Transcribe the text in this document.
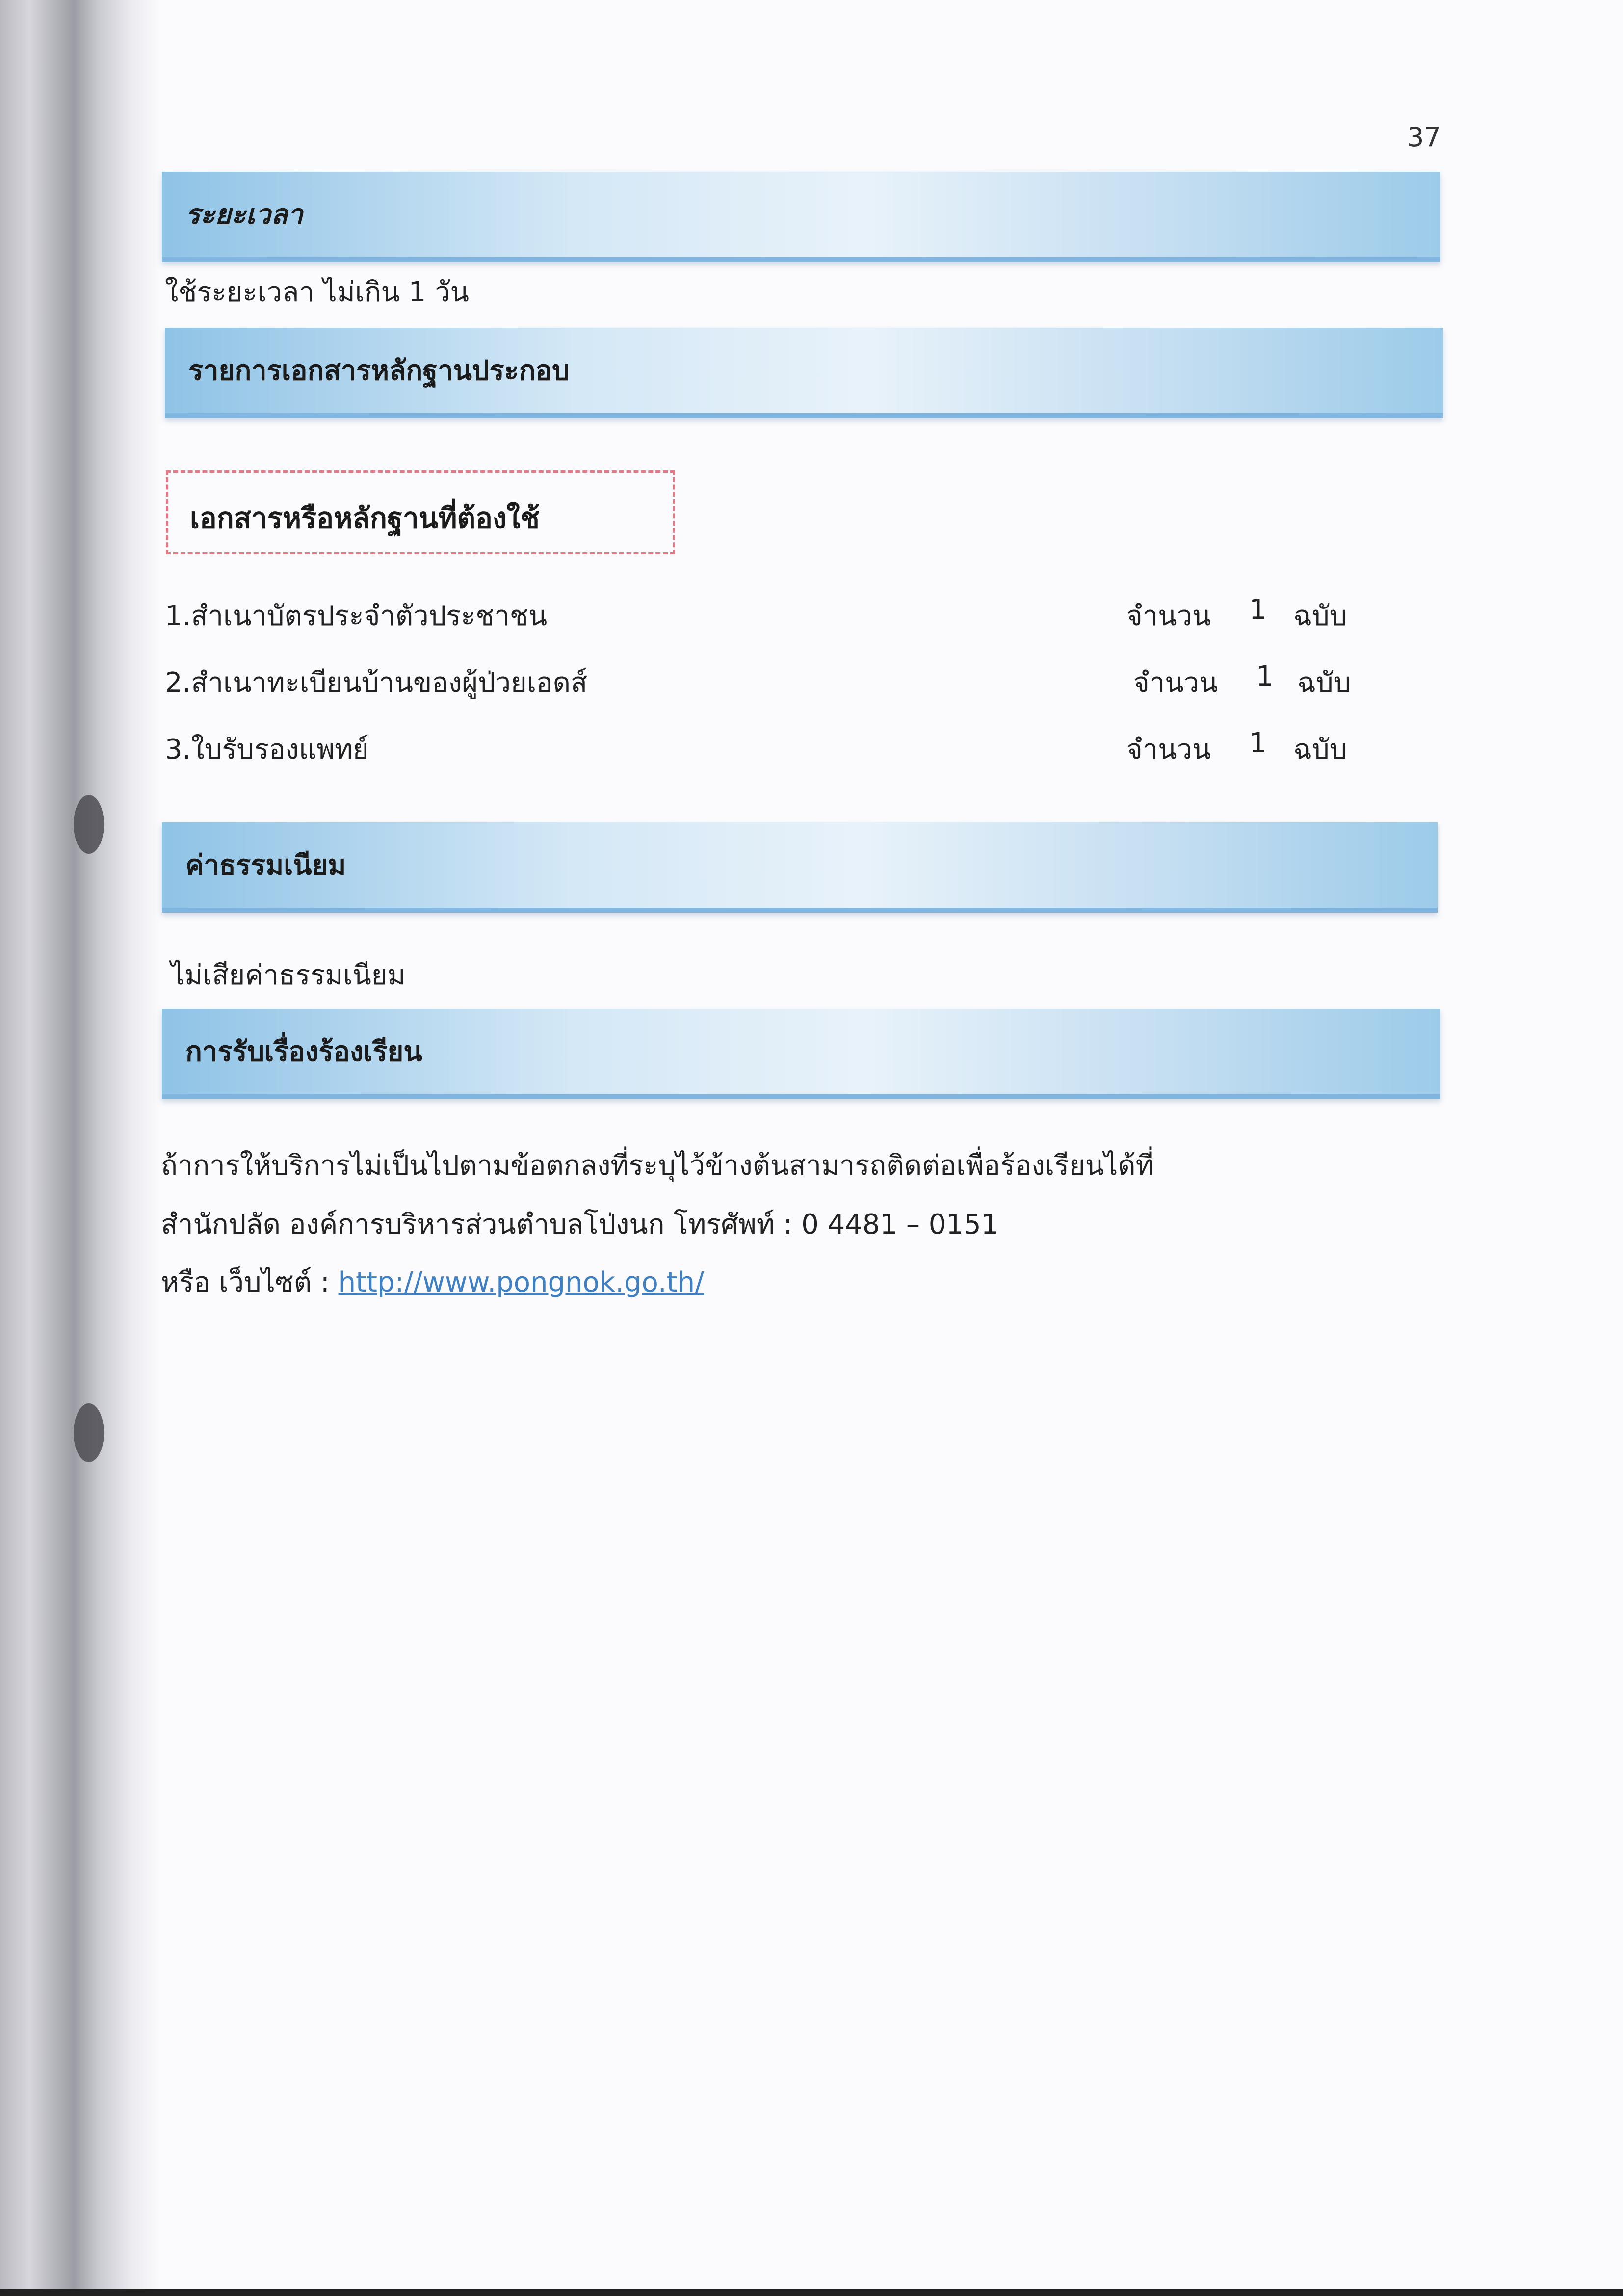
37
ระยะเวลา
ใช้ระยะเวลา ไม่เกิน 1 วัน
รายการเอกสารหลักฐานประกอบ
เอกสารหรือหลักฐานที่ต้องใช้
1.สำเนาบัตรประจำตัวประชาชน	จำนวน 1 ฉบับ
2.สำเนาทะเบียนบ้านของผู้ป่วยเอดส์	จำนวน 1 ฉบับ
3.ใบรับรองแพทย์	จำนวน 1 ฉบับ
ค่าธรรมเนียม
ไม่เสียค่าธรรมเนียม
การรับเรื่องร้องเรียน
ถ้าการให้บริการไม่เป็นไปตามข้อตกลงที่ระบุไว้ข้างต้นสามารถติดต่อเพื่อร้องเรียนได้ที่
สำนักปลัด องค์การบริหารส่วนตำบลโป่งนก โทรศัพท์ : 0 4481 – 0151
หรือ เว็บไซต์ : http://www.pongnok.go.th/
